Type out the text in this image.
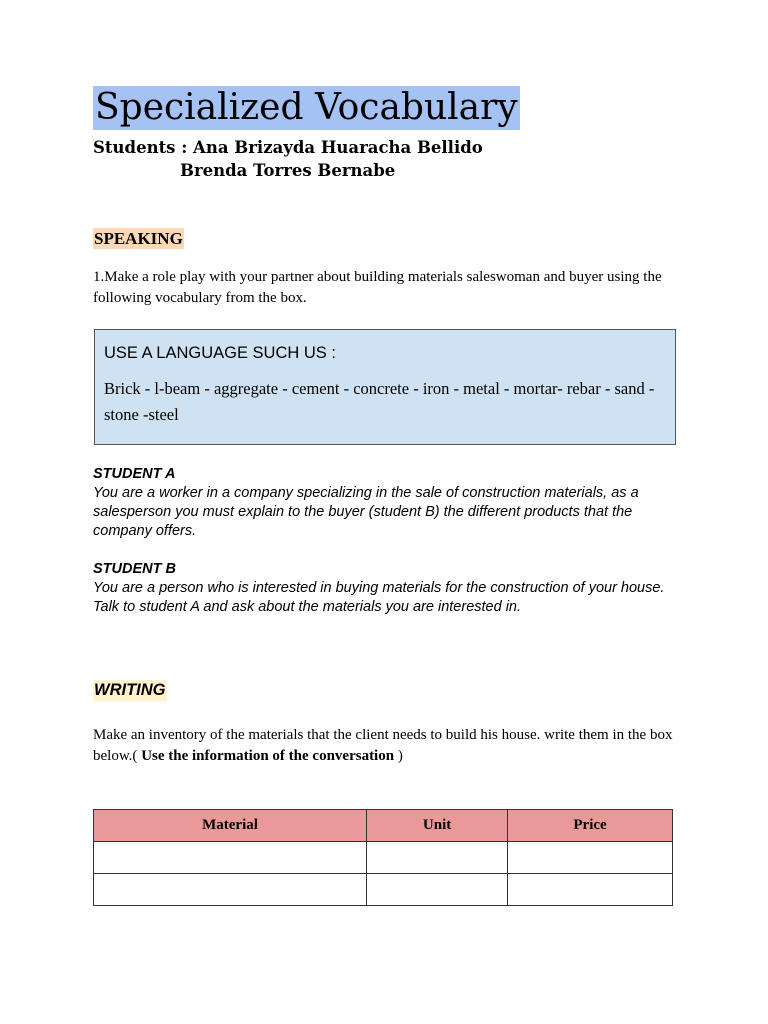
Specialized Vocabulary
Students : Ana Brizayda Huaracha Bellido
Brenda Torres Bernabe
SPEAKING
1.Make a role play with your partner about building materials saleswoman and buyer using the following vocabulary from the box.
USE A LANGUAGE SUCH US :
Brick - l-beam - aggregate - cement - concrete - iron - metal - mortar- rebar - sand -stone -steel
STUDENT A
You are a worker in a company specializing in the sale of construction materials, as a salesperson you must explain to the buyer (student B) the different products that the company offers.
STUDENT B
You are a person who is interested in buying materials for the construction of your house. Talk to student A and ask about the materials you are interested in.
WRITING
Make an inventory of the materials that the client needs to build his house. write them in the box below.( Use the information of the conversation )
Material	Unit	Price
